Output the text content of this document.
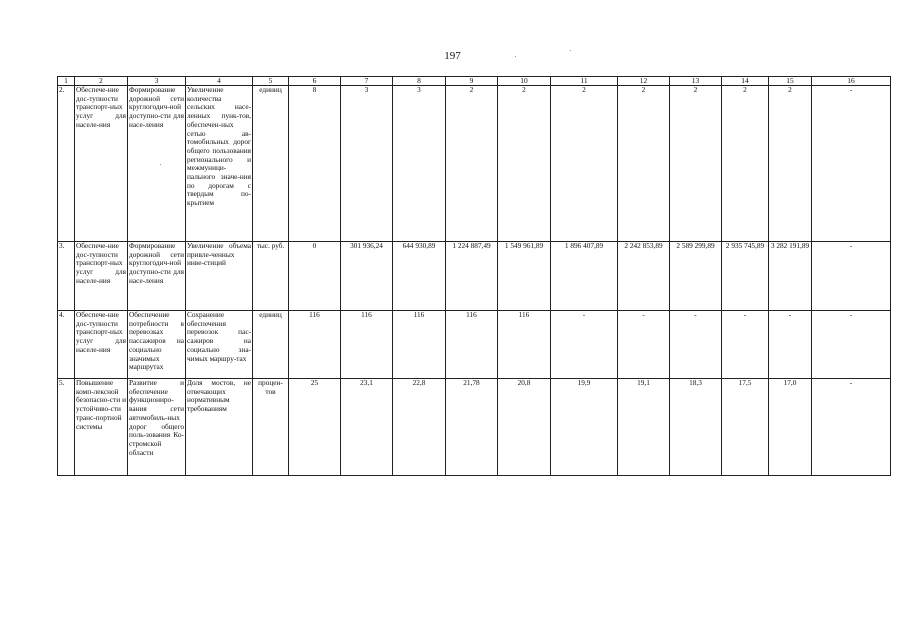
197
1	2	3	4	5	6	7	8	9	10	11	12	13	14	15	16
2.	Обеспече-ние дос-тупности транспорт-ных услуг для населе-ния	Формирование дорожной сети круглогодич-ной доступно-сти для насе-ления	Увеличение количества сельских насе-ленных пунк-тов, обеспечен-ных сетью ав-томобильных дорог общего пользования регионального и межмуници-пального значе-ния по дорогам с твердым по-крытием	единиц	8	3	3	2	2	2	2	2	2	2	-
3.	Обеспече-ние дос-тупности транспорт-ных услуг для населе-ния	Формирование дорожной сети круглогодич-ной доступно-сти для насе-ления	Увеличение объема привле-ченных инве-стиций	тыс. руб.	0	301 936,24	644 930,89	1 224 887,49	1 549 961,89	1 896 407,89	2 242 853,89	2 589 299,89	2 935 745,89	3 282 191,89	-
4.	Обеспече-ние дос-тупности транспорт-ных услуг для населе-ния	Обеспечение потребности в перевозках пассажиров на социально значимых маршрутах	Сохранение обеспечения перевозок пас-сажиров на социально зна-чимых маршру-тах	единиц	116	116	116	116	116	-	-	-	-	-	-
5.	Повышение комп-лексной безопасно-сти и устойчиво-сти транс-портной системы	Развитие и обеспечение функциониро-вания сети автомобиль-ных дорог общего поль-зования Ко-стромской области	Доля мостов, не отвечающих нормативным требованиям	процен-тов	25	23,1	22,8	21,78	20,8	19,9	19,1	18,3	17,5	17,0	-
